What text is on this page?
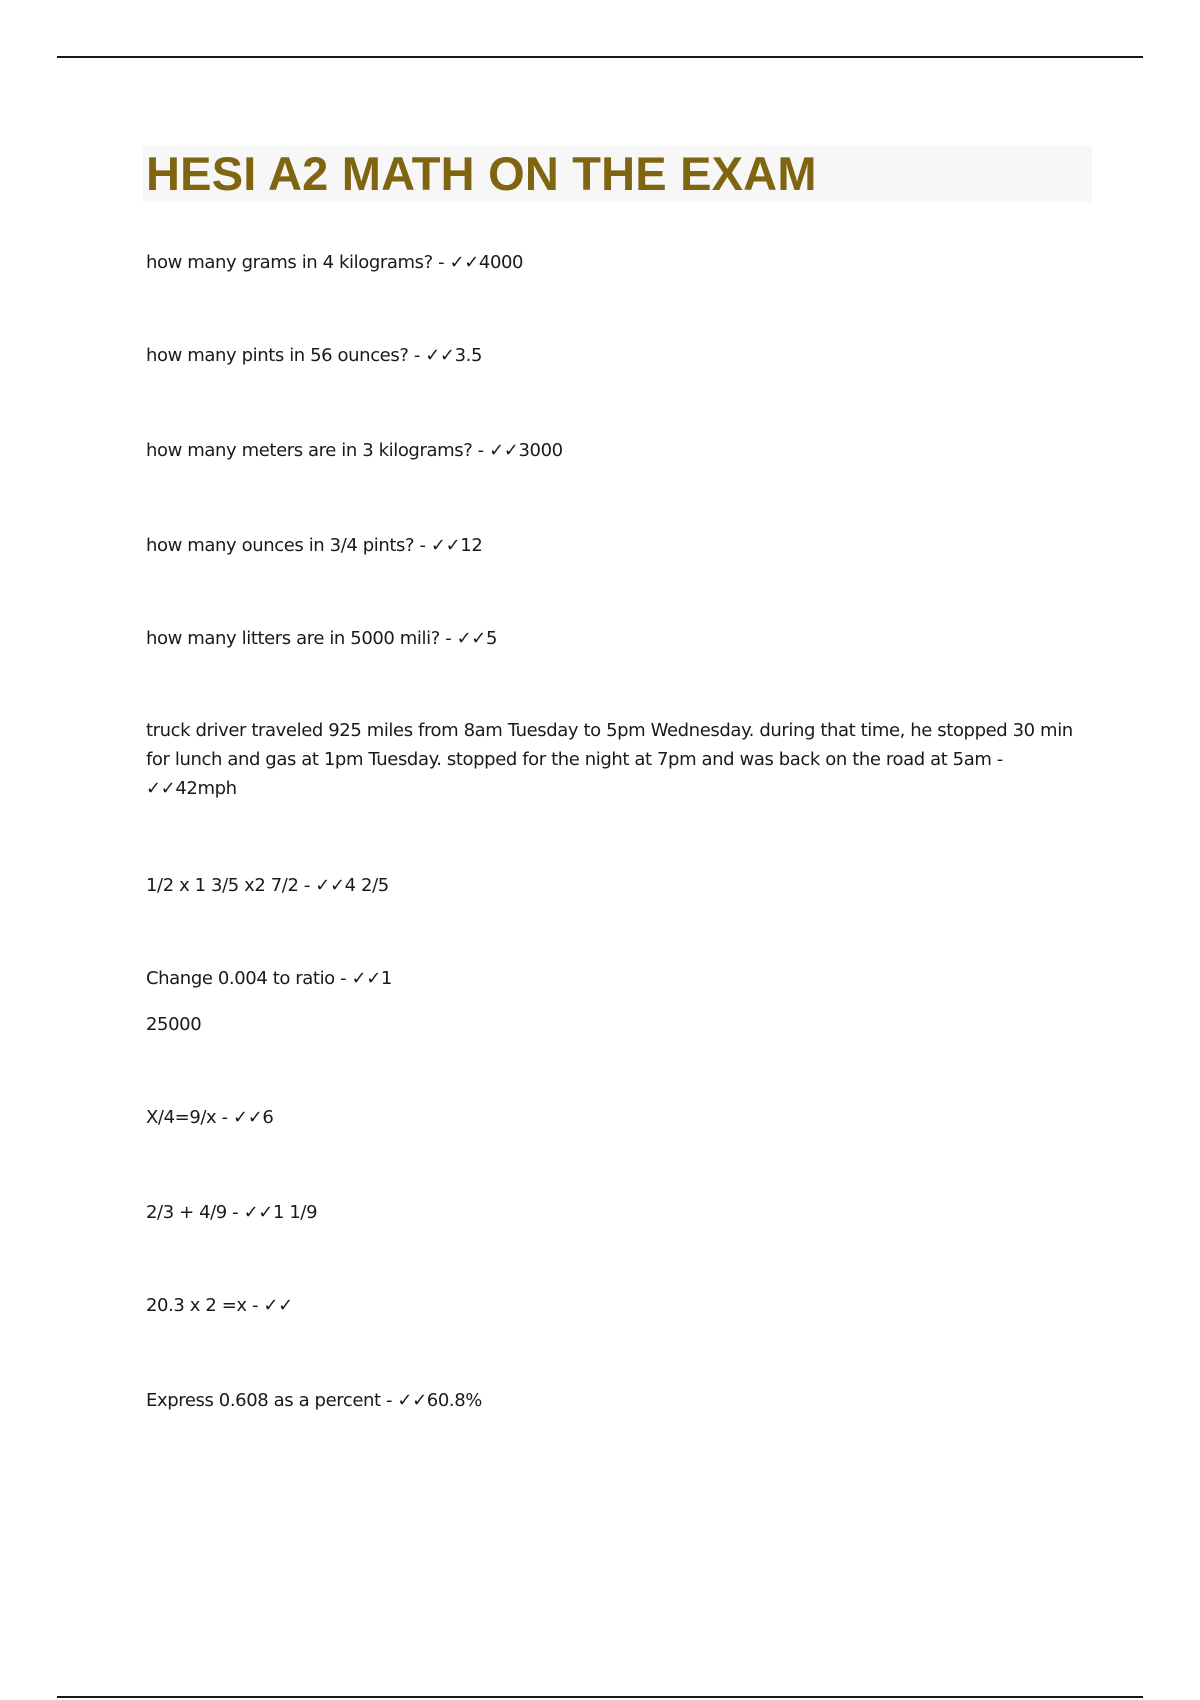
HESI A2 MATH ON THE EXAM
how many grams in 4 kilograms? - ✓✓4000
how many pints in 56 ounces? - ✓✓3.5
how many meters are in 3 kilograms? - ✓✓3000
how many ounces in 3/4 pints? - ✓✓12
how many litters are in 5000 mili? - ✓✓5
truck driver traveled 925 miles from 8am Tuesday to 5pm Wednesday. during that time, he stopped 30 min for lunch and gas at 1pm Tuesday. stopped for the night at 7pm and was back on the road at 5am - ✓✓42mph
1/2 x 1 3/5 x2 7/2 - ✓✓4 2/5
Change 0.004 to ratio - ✓✓1
25000
X/4=9/x - ✓✓6
2/3 + 4/9 - ✓✓1 1/9
20.3 x 2 =x - ✓✓
Express 0.608 as a percent - ✓✓60.8%
